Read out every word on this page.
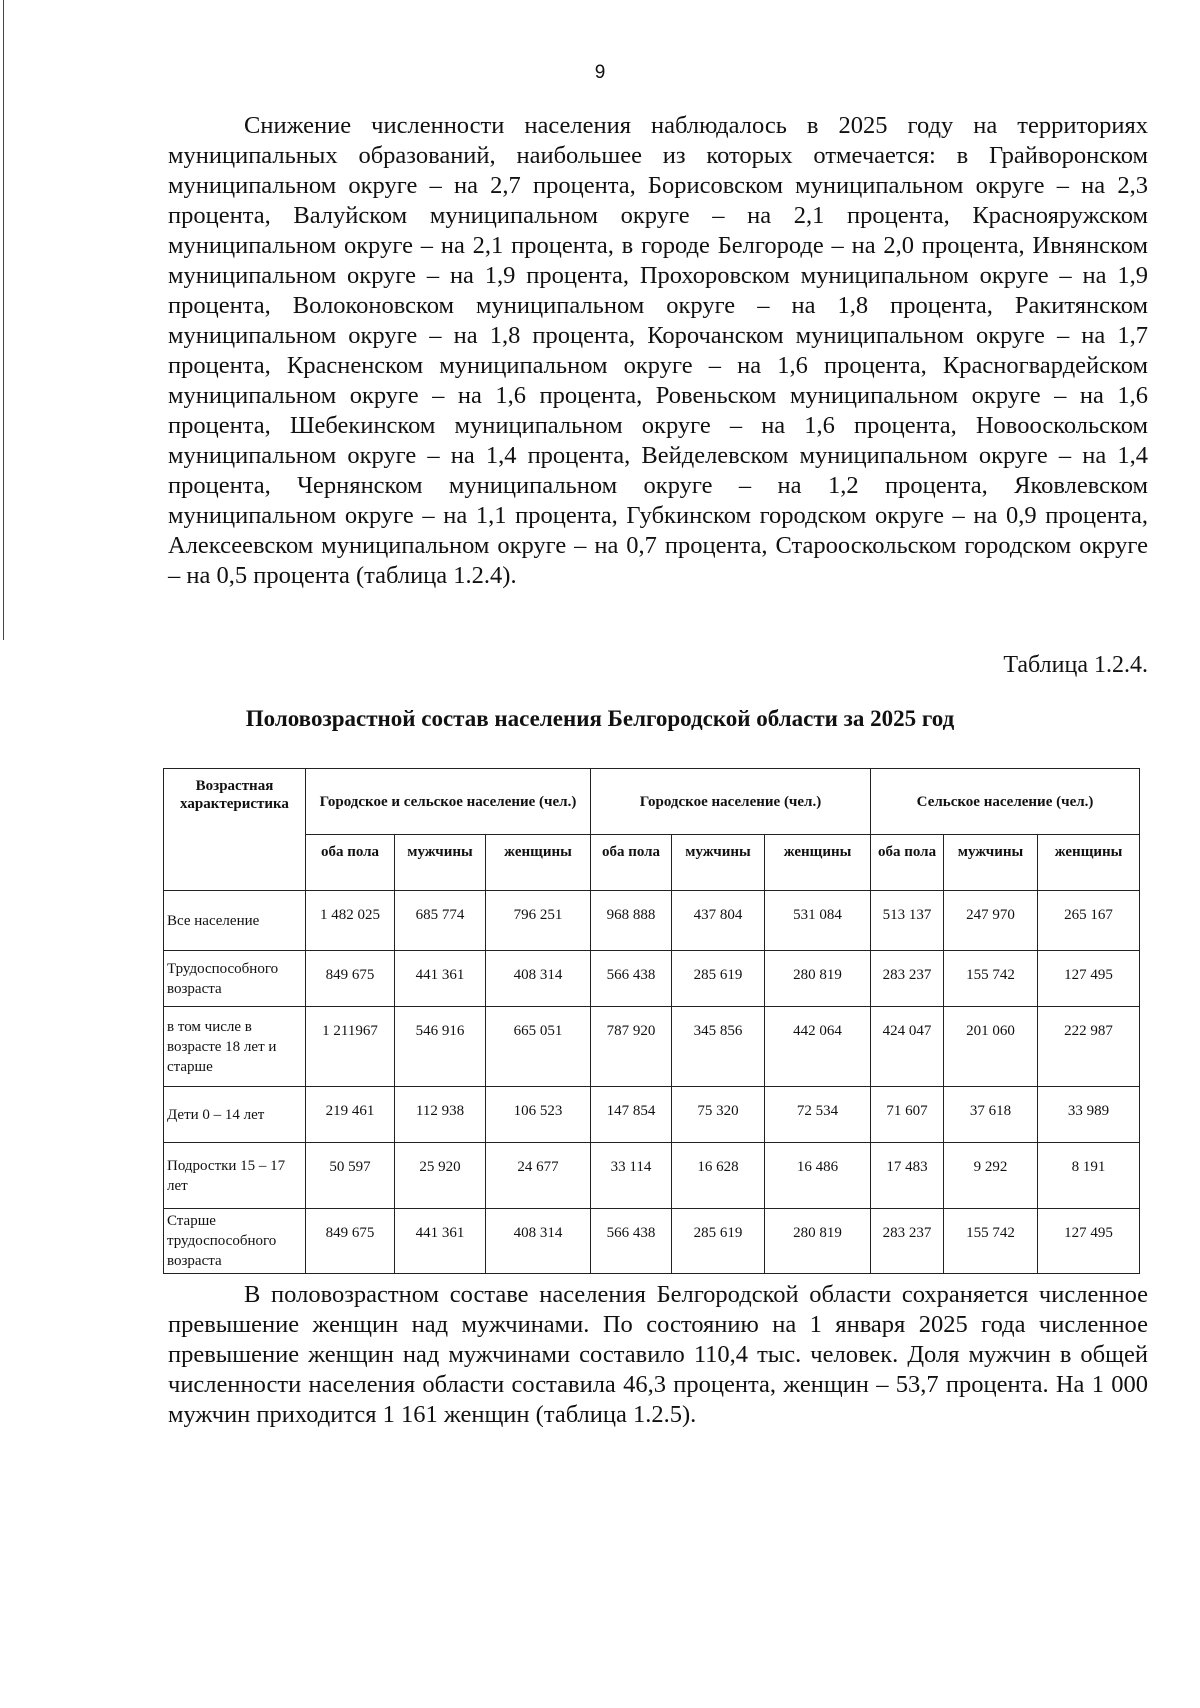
9

Снижение численности населения наблюдалось в 2025 году на территориях муниципальных образований, наибольшее из которых отмечается: в Грайворонском муниципальном округе – на 2,7 процента, Борисовском муниципальном округе – на 2,3 процента, Валуйском муниципальном округе – на 2,1 процента, Краснояружском муниципальном округе – на 2,1 процента, в городе Белгороде – на 2,0 процента, Ивнянском муниципальном округе – на 1,9 процента, Прохоровском муниципальном округе – на 1,9 процента, Волоконовском муниципальном округе – на 1,8 процента, Ракитянском муниципальном округе – на 1,8 процента, Корочанском муниципальном округе – на 1,7 процента, Красненском муниципальном округе – на 1,6 процента, Красногвардейском муниципальном округе – на 1,6 процента, Ровеньском муниципальном округе – на 1,6 процента, Шебекинском муниципальном округе – на 1,6 процента, Новооскольском муниципальном округе – на 1,4 процента, Вейделевском муниципальном округе – на 1,4 процента, Чернянском муниципальном округе – на 1,2 процента, Яковлевском муниципальном округе – на 1,1 процента, Губкинском городском округе – на 0,9 процента, Алексеевском муниципальном округе – на 0,7 процента, Старооскольском городском округе – на 0,5 процента (таблица 1.2.4).

Таблица 1.2.4.
Половозрастной состав населения Белгородской области за 2025 год
Возрастная характеристика	Городское и сельское население (чел.)			Городское население (чел.)			Сельское население (чел.)		
	оба пола	мужчины	женщины	оба пола	мужчины	женщины	оба пола	мужчины	женщины
Все население	1 482 025	685 774	796 251	968 888	437 804	531 084	513 137	247 970	265 167
Трудоспособного возраста	849 675	441 361	408 314	566 438	285 619	280 819	283 237	155 742	127 495
в том числе в возрасте 18 лет и старше	1 211967	546 916	665 051	787 920	345 856	442 064	424 047	201 060	222 987
Дети 0 – 14 лет	219 461	112 938	106 523	147 854	75 320	72 534	71 607	37 618	33 989
Подростки 15 – 17 лет	50 597	25 920	24 677	33 114	16 628	16 486	17 483	9 292	8 191
Старше трудоспособного возраста	849 675	441 361	408 314	566 438	285 619	280 819	283 237	155 742	127 495

В половозрастном составе населения Белгородской области сохраняется численное превышение женщин над мужчинами. По состоянию на 1 января 2025 года численное превышение женщин над мужчинами составило 110,4 тыс. человек. Доля мужчин в общей численности населения области составила 46,3 процента, женщин – 53,7 процента. На 1 000 мужчин приходится 1 161 женщин (таблица 1.2.5).
